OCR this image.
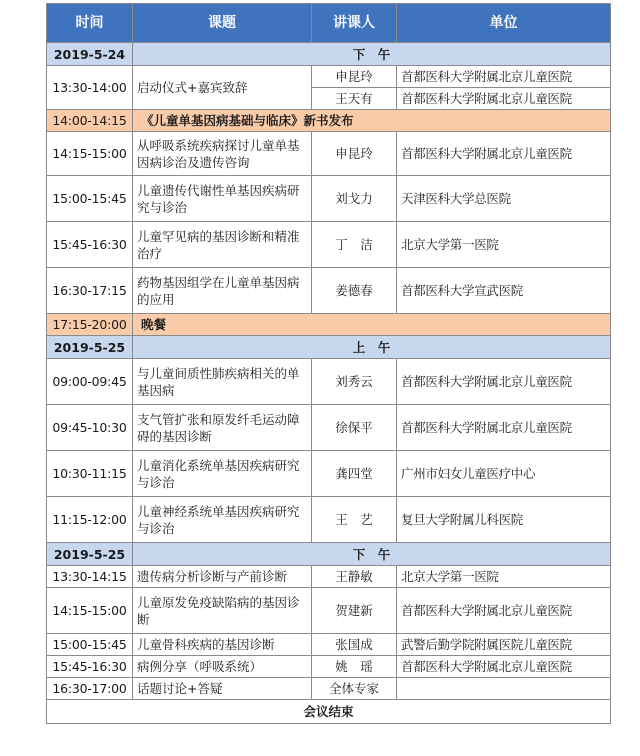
时间	课题	讲课人	单位
2019-5-24	下　午		
13:30-14:00	启动仪式+嘉宾致辞	申昆玲	首都医科大学附属北京儿童医院
		王天有	首都医科大学附属北京儿童医院
14:00-14:15	《儿童单基因病基础与临床》新书发布		
14:15-15:00	从呼吸系统疾病探讨儿童单基因病诊治及遗传咨询	申昆玲	首都医科大学附属北京儿童医院
15:00-15:45	儿童遗传代谢性单基因疾病研究与诊治	刘戈力	天津医科大学总医院
15:45-16:30	儿童罕见病的基因诊断和精准治疗	丁　洁	北京大学第一医院
16:30-17:15	药物基因组学在儿童单基因病的应用	姜德春	首都医科大学宣武医院
17:15-20:00	晚餐		
2019-5-25	上　午		
09:00-09:45	与儿童间质性肺疾病相关的单基因病	刘秀云	首都医科大学附属北京儿童医院
09:45-10:30	支气管扩张和原发纤毛运动障碍的基因诊断	徐保平	首都医科大学附属北京儿童医院
10:30-11:15	儿童消化系统单基因疾病研究与诊治	龚四堂	广州市妇女儿童医疗中心
11:15-12:00	儿童神经系统单基因疾病研究与诊治	王　艺	复旦大学附属儿科医院
2019-5-25	下　午		
13:30-14:15	遗传病分析诊断与产前诊断	王静敏	北京大学第一医院
14:15-15:00	儿童原发免疫缺陷病的基因诊断	贺建新	首都医科大学附属北京儿童医院
15:00-15:45	儿童骨科疾病的基因诊断	张国成	武警后勤学院附属医院儿童医院
15:45-16:30	病例分享（呼吸系统）	姚　瑶	首都医科大学附属北京儿童医院
16:30-17:00	话题讨论+答疑	全体专家	
会议结束			
